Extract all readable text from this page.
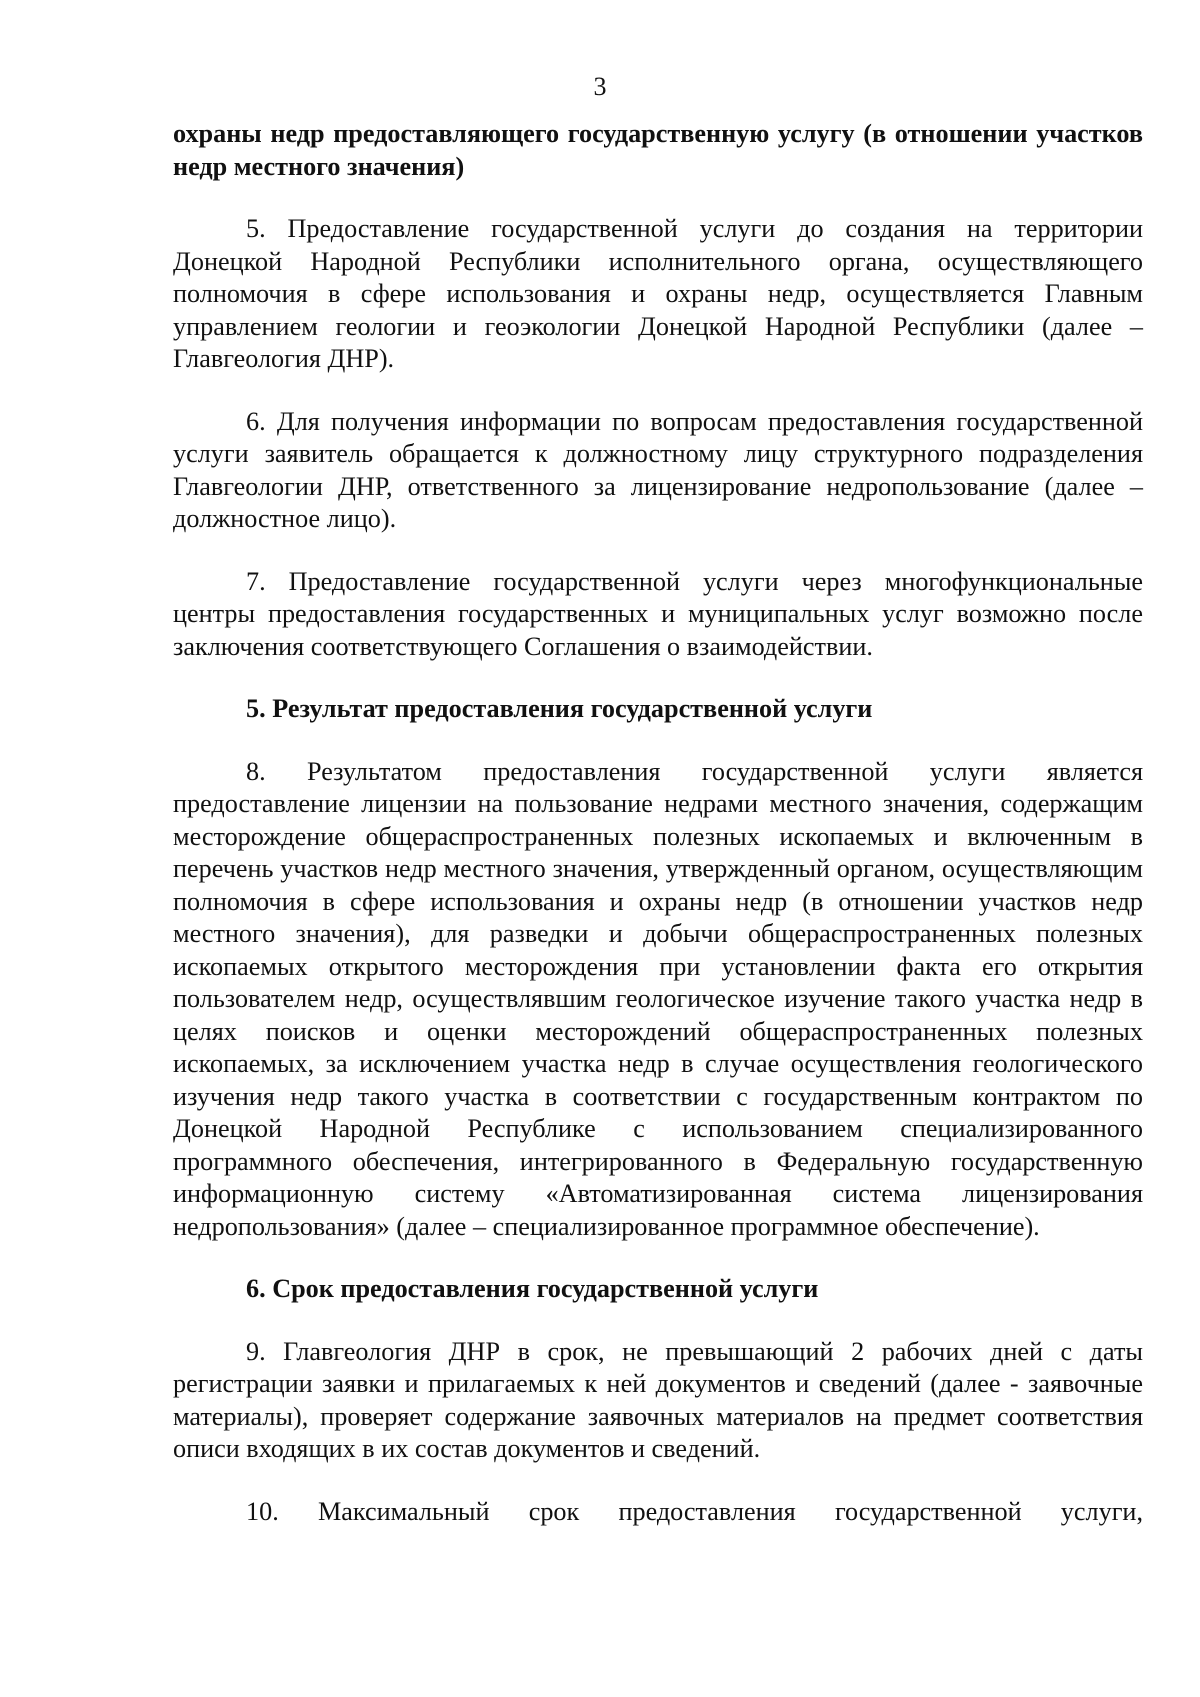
3

охраны недр предоставляющего государственную услугу (в отношении участков недр местного значения)

5. Предоставление государственной услуги до создания на территории Донецкой Народной Республики исполнительного органа, осуществляющего полномочия в сфере использования и охраны недр, осуществляется Главным управлением геологии и геоэкологии Донецкой Народной Республики (далее – Главгеология ДНР).

6. Для получения информации по вопросам предоставления государственной услуги заявитель обращается к должностному лицу структурного подразделения Главгеологии ДНР, ответственного за лицензирование недропользование (далее – должностное лицо).

7. Предоставление государственной услуги через многофункциональные центры предоставления государственных и муниципальных услуг возможно после заключения соответствующего Соглашения о взаимодействии.

5. Результат предоставления государственной услуги

8. Результатом предоставления государственной услуги является предоставление лицензии на пользование недрами местного значения, содержащим месторождение общераспространенных полезных ископаемых и включенным в перечень участков недр местного значения, утвержденный органом, осуществляющим полномочия в сфере использования и охраны недр (в отношении участков недр местного значения), для разведки и добычи общераспространенных полезных ископаемых открытого месторождения при установлении факта его открытия пользователем недр, осуществлявшим геологическое изучение такого участка недр в целях поисков и оценки месторождений общераспространенных полезных ископаемых, за исключением участка недр в случае осуществления геологического изучения недр такого участка в соответствии с государственным контрактом по Донецкой Народной Республике с использованием специализированного программного обеспечения, интегрированного в Федеральную государственную информационную систему «Автоматизированная система лицензирования недропользования» (далее – специализированное программное обеспечение).

6. Срок предоставления государственной услуги

9. Главгеология ДНР в срок, не превышающий 2 рабочих дней с даты регистрации заявки и прилагаемых к ней документов и сведений (далее - заявочные материалы), проверяет содержание заявочных материалов на предмет соответствия описи входящих в их состав документов и сведений.

10. Максимальный срок предоставления государственной услуги,
